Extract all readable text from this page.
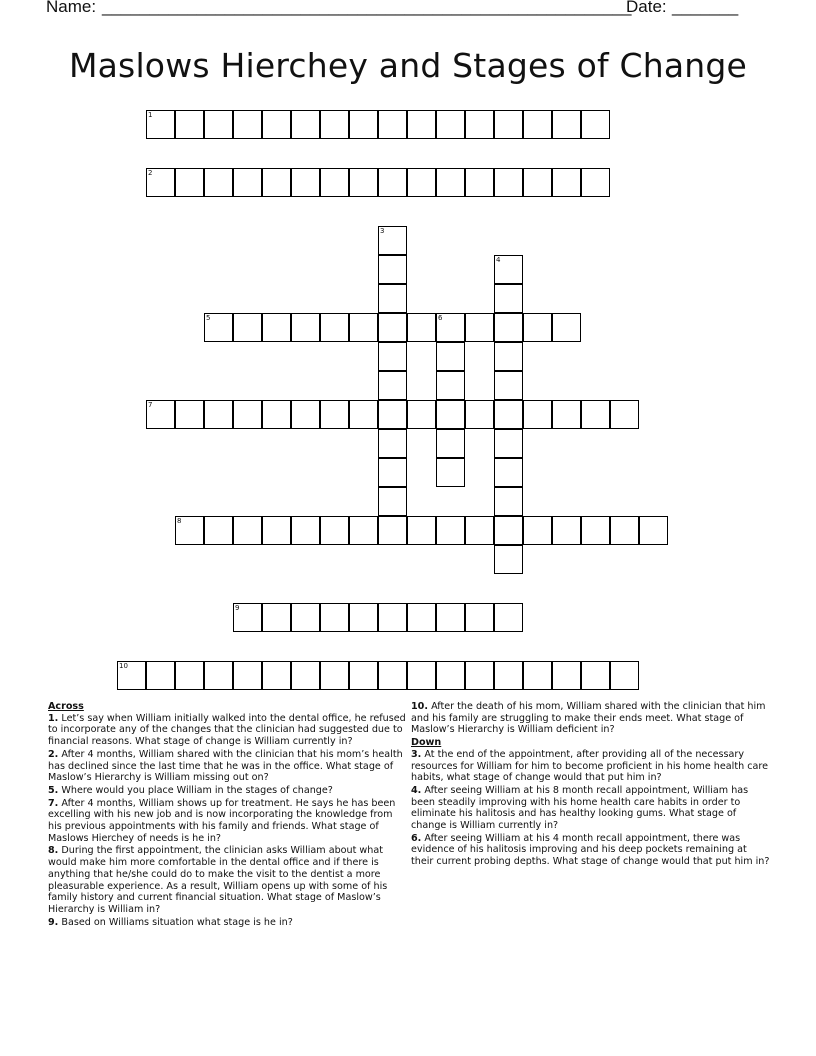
Name: ________________________________________________________
Date: _______
Maslows Hierchey and Stages of Change
1
2
3
4
5	6
7
8
9
10
Across
1. Let’s say when William initially walked into the dental office, he refused to incorporate any of the changes that the clinician had suggested due to financial reasons. What stage of change is William currently in?
2. After 4 months, William shared with the clinician that his mom’s health has declined since the last time that he was in the office. What stage of Maslow’s Hierarchy is William missing out on?
5. Where would you place William in the stages of change?
7. After 4 months, William shows up for treatment. He says he has been excelling with his new job and is now incorporating the knowledge from his previous appointments with his family and friends. What stage of Maslows Hierchey of needs is he in?
8. During the first appointment, the clinician asks William about what would make him more comfortable in the dental office and if there is anything that he/she could do to make the visit to the dentist a more pleasurable experience. As a result, William opens up with some of his family history and current financial situation. What stage of Maslow’s Hierarchy is William in?
9. Based on Williams situation what stage is he in?
10. After the death of his mom, William shared with the clinician that him and his family are struggling to make their ends meet. What stage of Maslow’s Hierarchy is William deficient in?
Down
3. At the end of the appointment, after providing all of the necessary resources for William for him to become proficient in his home health care habits, what stage of change would that put him in?
4. After seeing William at his 8 month recall appointment, William has been steadily improving with his home health care habits in order to eliminate his halitosis and has healthy looking gums. What stage of change is William currently in?
6. After seeing William at his 4 month recall appointment, there was evidence of his halitosis improving and his deep pockets remaining at their current probing depths. What stage of change would that put him in?
